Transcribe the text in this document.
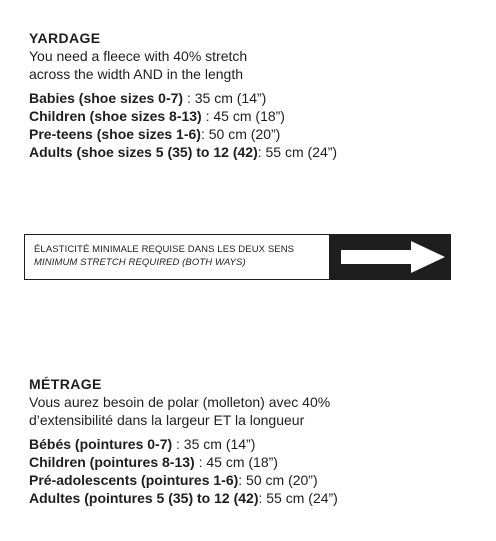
YARDAGE
You need a fleece with 40% stretch
across the width AND in the length
Babies (shoe sizes 0-7) : 35 cm (14”)
Children (shoe sizes 8-13) : 45 cm (18”)
Pre-teens (shoe sizes 1-6): 50 cm (20”)
Adults (shoe sizes 5 (35) to 12 (42): 55 cm (24”)
ÉLASTICITÉ MINIMALE REQUISE DANS LES DEUX SENS
MINIMUM STRETCH REQUIRED (BOTH WAYS)
MÉTRAGE
Vous aurez besoin de polar (molleton) avec 40%
d’extensibilité dans la largeur ET la longueur
Bébés (pointures 0-7) : 35 cm (14”)
Children (pointures 8-13) : 45 cm (18”)
Pré-adolescents (pointures 1-6): 50 cm (20”)
Adultes (pointures 5 (35) to 12 (42): 55 cm (24”)
